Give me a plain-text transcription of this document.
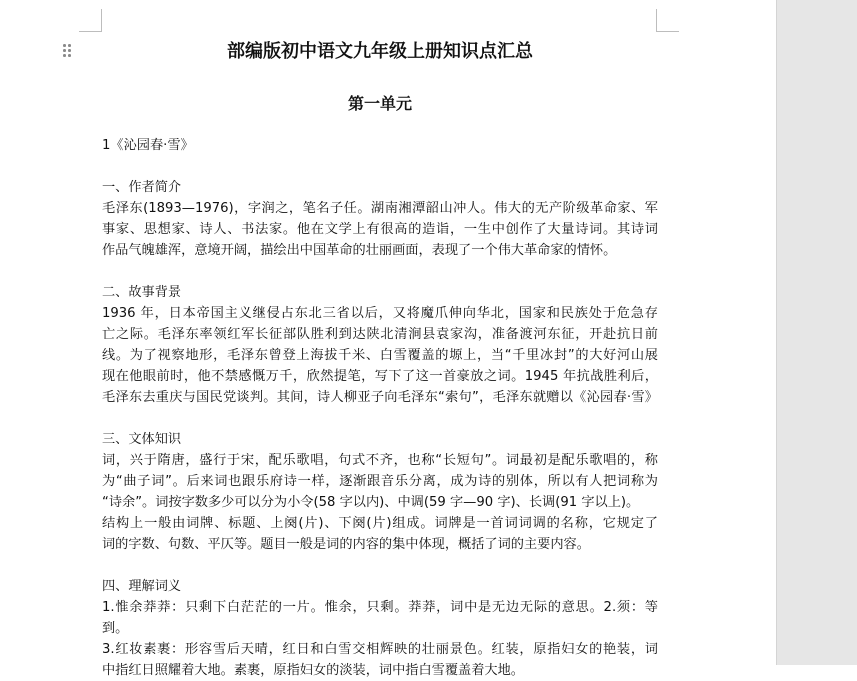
部编版初中语文九年级上册知识点汇总
第一单元
1《沁园春·雪》
一、作者简介
毛泽东(1893—1976)，字润之，笔名子任。湖南湘潭韶山冲人。伟大的无产阶级革命家、军
事家、思想家、诗人、书法家。他在文学上有很高的造诣，一生中创作了大量诗词。其诗词
作品气魄雄浑，意境开阔，描绘出中国革命的壮丽画面，表现了一个伟大革命家的情怀。
二、故事背景
1936 年，日本帝国主义继侵占东北三省以后，又将魔爪伸向华北，国家和民族处于危急存
亡之际。毛泽东率领红军长征部队胜利到达陕北清涧县袁家沟，准备渡河东征，开赴抗日前
线。为了视察地形，毛泽东曾登上海拔千米、白雪覆盖的塬上，当“千里冰封”的大好河山展
现在他眼前时，他不禁感慨万千，欣然提笔，写下了这一首豪放之词。1945 年抗战胜利后，
毛泽东去重庆与国民党谈判。其间，诗人柳亚子向毛泽东“索句”，毛泽东就赠以《沁园春·雪》
三、文体知识
词，兴于隋唐，盛行于宋，配乐歌唱，句式不齐，也称“长短句”。词最初是配乐歌唱的，称
为“曲子词”。后来词也跟乐府诗一样，逐渐跟音乐分离，成为诗的别体，所以有人把词称为
“诗余”。词按字数多少可以分为小令(58 字以内)、中调(59 字—90 字)、长调(91 字以上)。
结构上一般由词牌、标题、上阕(片)、下阕(片)组成。词牌是一首词词调的名称，它规定了
词的字数、句数、平仄等。题目一般是词的内容的集中体现，概括了词的主要内容。
四、理解词义
1.惟余莽莽：只剩下白茫茫的一片。惟余，只剩。莽莽，词中是无边无际的意思。2.须：等
到。
3.红妆素裹：形容雪后天晴，红日和白雪交相辉映的壮丽景色。红装，原指妇女的艳装，词
中指红日照耀着大地。素裹，原指妇女的淡装，词中指白雪覆盖着大地。
